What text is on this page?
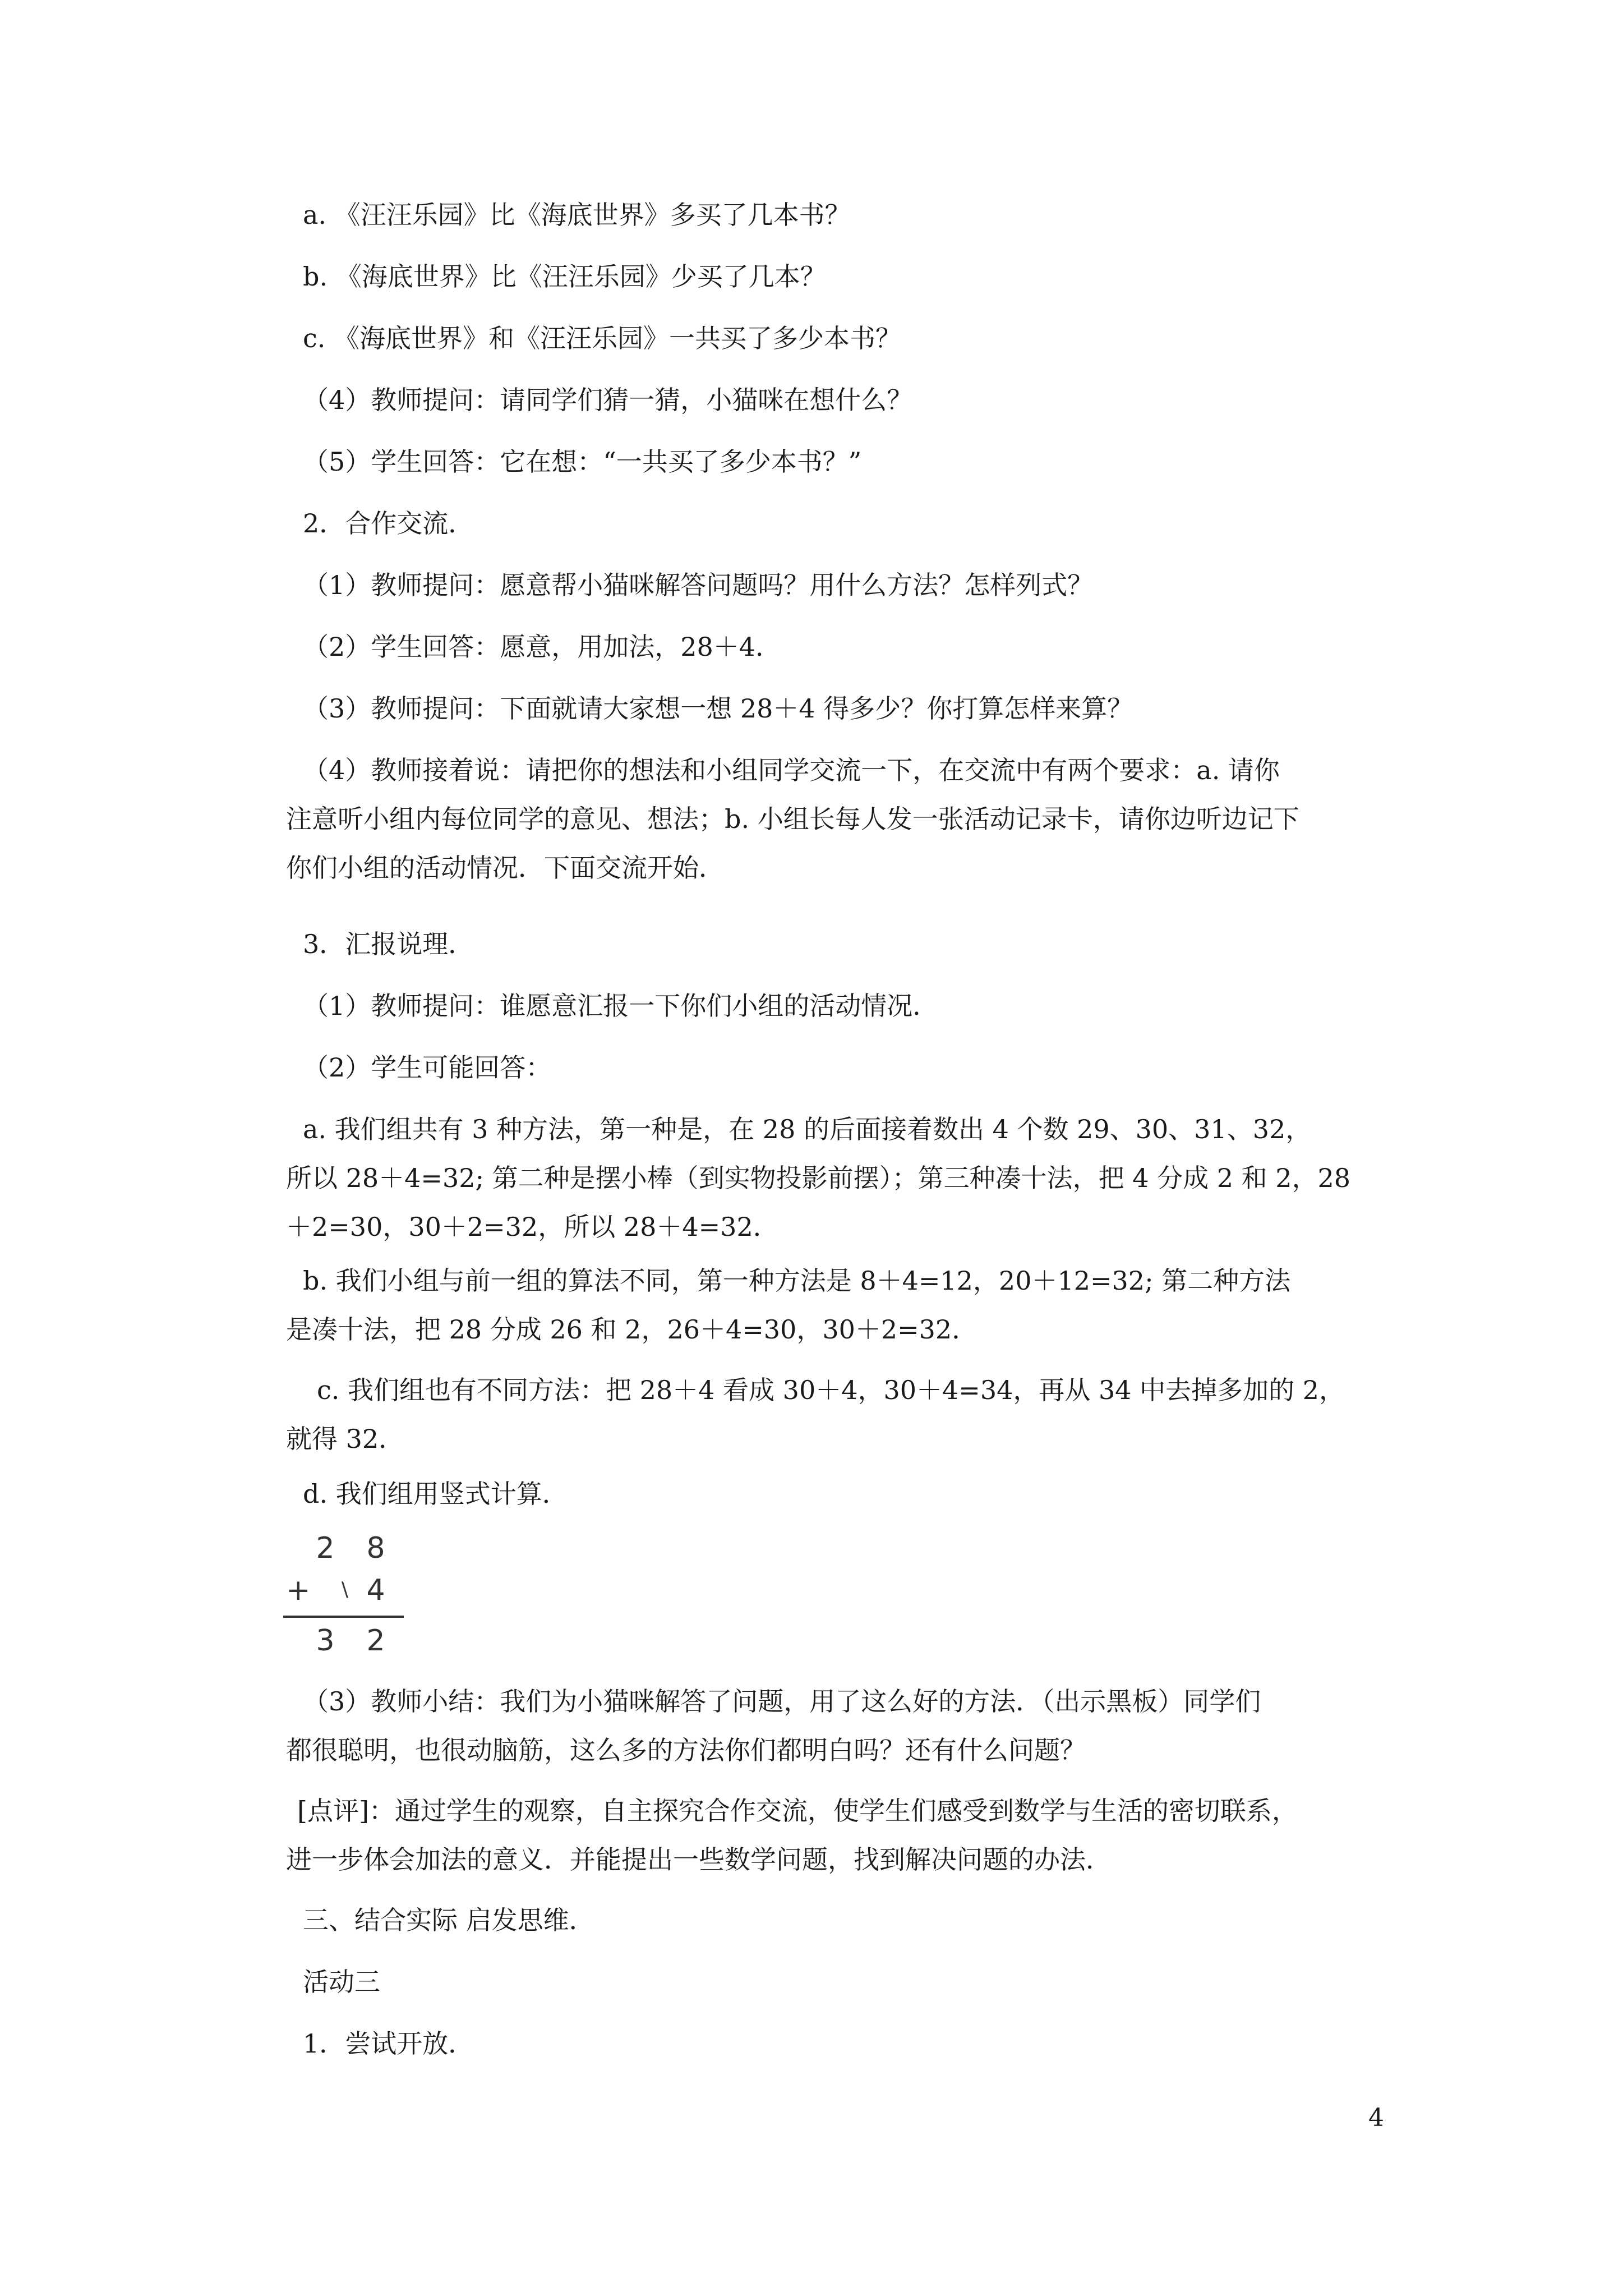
a. 《汪汪乐园》比《海底世界》多买了几本书？
b. 《海底世界》比《汪汪乐园》少买了几本？
c. 《海底世界》和《汪汪乐园》一共买了多少本书？
（4）教师提问：请同学们猜一猜，小猫咪在想什么？
（5）学生回答：它在想：“一共买了多少本书？”
2．合作交流．
（1）教师提问：愿意帮小猫咪解答问题吗？用什么方法？怎样列式？
（2）学生回答：愿意，用加法，28＋4．
（3）教师提问：下面就请大家想一想 28＋4 得多少？你打算怎样来算？
（4）教师接着说：请把你的想法和小组同学交流一下，在交流中有两个要求：a. 请你
注意听小组内每位同学的意见、想法；b. 小组长每人发一张活动记录卡，请你边听边记下
你们小组的活动情况．下面交流开始．
3．汇报说理．
（1）教师提问：谁愿意汇报一下你们小组的活动情况．
（2）学生可能回答：
a. 我们组共有 3 种方法，第一种是，在 28 的后面接着数出 4 个数 29、30、31、32，
所以 28＋4=32; 第二种是摆小棒（到实物投影前摆）；第三种凑十法，把 4 分成 2 和 2，28
＋2=30，30＋2=32，所以 28＋4=32．
b. 我们小组与前一组的算法不同，第一种方法是 8＋4=12，20＋12=32; 第二种方法
是凑十法，把 28 分成 26 和 2，26＋4=30，30＋2=32．
c. 我们组也有不同方法：把 28＋4 看成 30＋4，30＋4=34，再从 34 中去掉多加的 2，
就得 32．
d. 我们组用竖式计算．
2 8
+	\ 4
3 2
（3）教师小结：我们为小猫咪解答了问题，用了这么好的方法．（出示黑板）同学们
都很聪明，也很动脑筋，这么多的方法你们都明白吗？还有什么问题？
[点评]：通过学生的观察，自主探究合作交流，使学生们感受到数学与生活的密切联系，
进一步体会加法的意义．并能提出一些数学问题，找到解决问题的办法．
三、结合实际 启发思维．
活动三
1．尝试开放．
4
